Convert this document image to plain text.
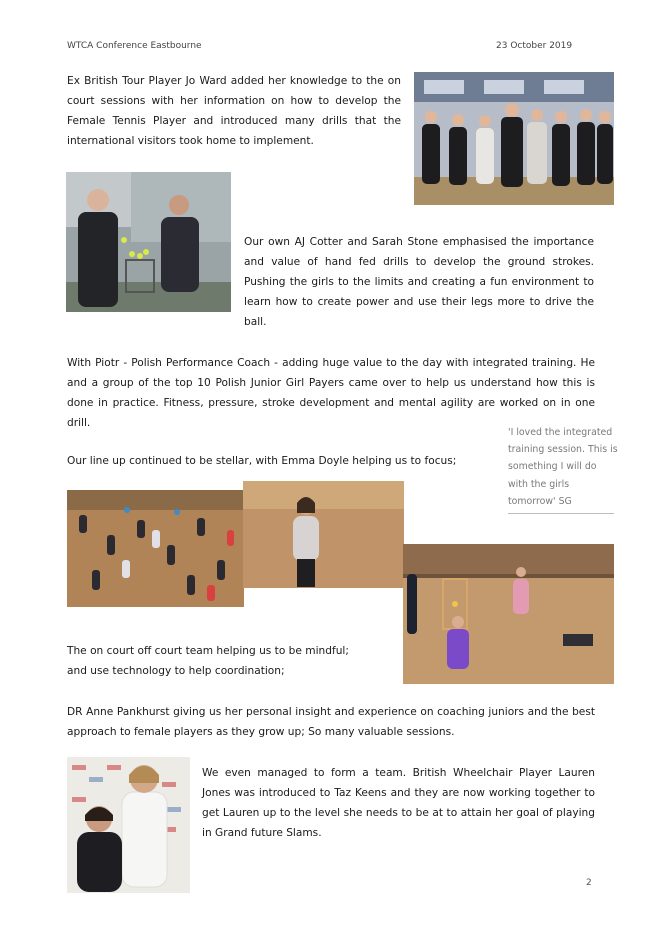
WTCA Conference Eastbourne	23 October 2019
Ex British Tour Player Jo Ward added her knowledge to the on court sessions with her information on how to develop the Female Tennis Player and introduced many drills that the international visitors took home to implement.
Our own AJ Cotter and Sarah Stone emphasised the importance and value of hand fed drills to develop the ground strokes. Pushing the girls to the limits and creating a fun environment to learn how to create power and use their legs more to drive the ball.
With Piotr - Polish Performance Coach - adding huge value to the day with integrated training. He and a group of the top 10 Polish Junior Girl Payers came over to help us understand how this is done in practice. Fitness, pressure, stroke development and mental agility are worked on in one drill.
'I loved the integrated
training session. This is
something I will do
with the girls
tomorrow' SG
Our line up continued to be stellar, with Emma Doyle helping us to focus;
The on court off court team helping us to be mindful;
and use technology to help coordination;
DR Anne Pankhurst giving us her personal insight and experience on coaching juniors and the best approach to female players as they grow up; So many valuable sessions.
We even managed to form a team. British Wheelchair Player Lauren Jones was introduced to Taz Keens and they are now working together to get Lauren up to the level she needs to be at to attain her goal of playing in Grand future Slams.
2
